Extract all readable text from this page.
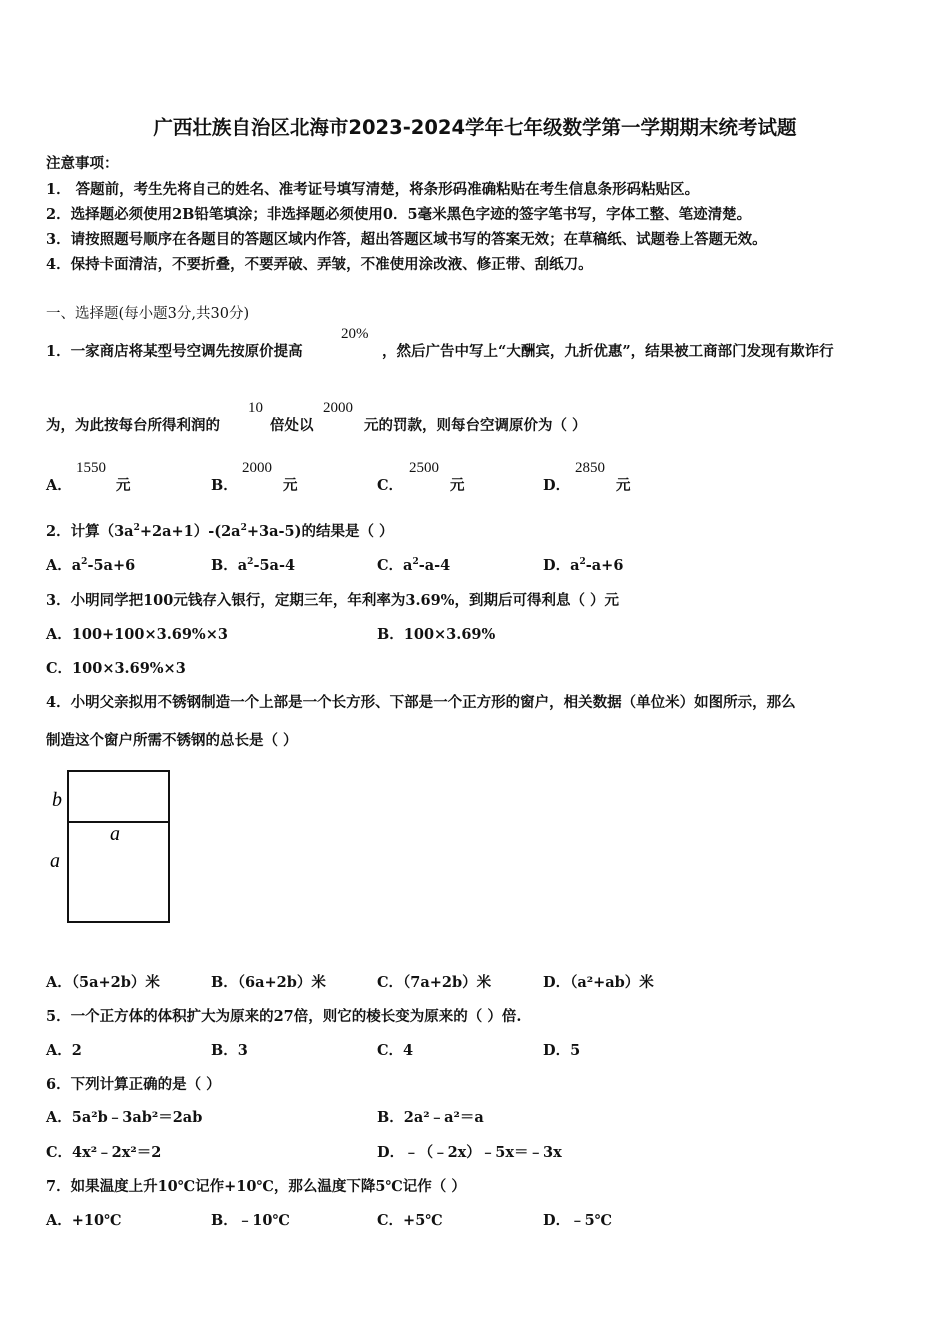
广西壮族自治区北海市2023-2024学年七年级数学第一学期期末统考试题
注意事项：
1． 答题前，考生先将自己的姓名、准考证号填写清楚，将条形码准确粘贴在考生信息条形码粘贴区。
2．选择题必须使用2B铅笔填涂；非选择题必须使用0．5毫米黑色字迹的签字笔书写，字体工整、笔迹清楚。
3．请按照题号顺序在各题目的答题区域内作答，超出答题区域书写的答案无效；在草稿纸、试题卷上答题无效。
4．保持卡面清洁，不要折叠，不要弄破、弄皱，不准使用涂改液、修正带、刮纸刀。
一、选择题(每小题3分,共30分)
1．一家商店将某型号空调先按原价提高
20%
，然后广告中写上“大酬宾，九折优惠”，结果被工商部门发现有欺诈行
为，为此按每台所得利润的
10
倍处以
2000
元的罚款，则每台空调原价为（ ）
A．
1550
元	B．
2000
元	C．
2500
元	D．
2850
元
2．计算$(3a^2+2a+1)-(2a^2+3a-5)$的结果是（ ）
A．$a^2-5a+6$	B．$a^2-5a-4$	C．$a^2-a-4$	D．$a^2-a+6$
3．小明同学把100元钱存入银行，定期三年，年利率为3.69%，到期后可得利息（ ）元
A．100+100×3.69%×3	B．100×3.69%
C．100×3.69%×3
4．小明父亲拟用不锈钢制造一个上部是一个长方形、下部是一个正方形的窗户，相关数据（单位米）如图所示，那么
制造这个窗户所需不锈钢的总长是（ ）
b
a
a
A．（5a+2b）米	B．（6a+2b）米	C．（7a+2b）米	D．（a²+ab）米
5．一个正方体的体积扩大为原来的27倍，则它的棱长变为原来的（ ）倍.
A．2	B．3	C．4	D．5
6．下列计算正确的是（ ）
A．5a²b﹣3ab²＝2ab	B．2a²﹣a²＝a
C．4x²﹣2x²＝2	D．﹣（﹣2x）﹣5x＝﹣3x
7．如果温度上升10℃记作+10℃，那么温度下降5℃记作（ ）
A．+10℃	B．﹣10℃	C．+5℃	D．﹣5℃
